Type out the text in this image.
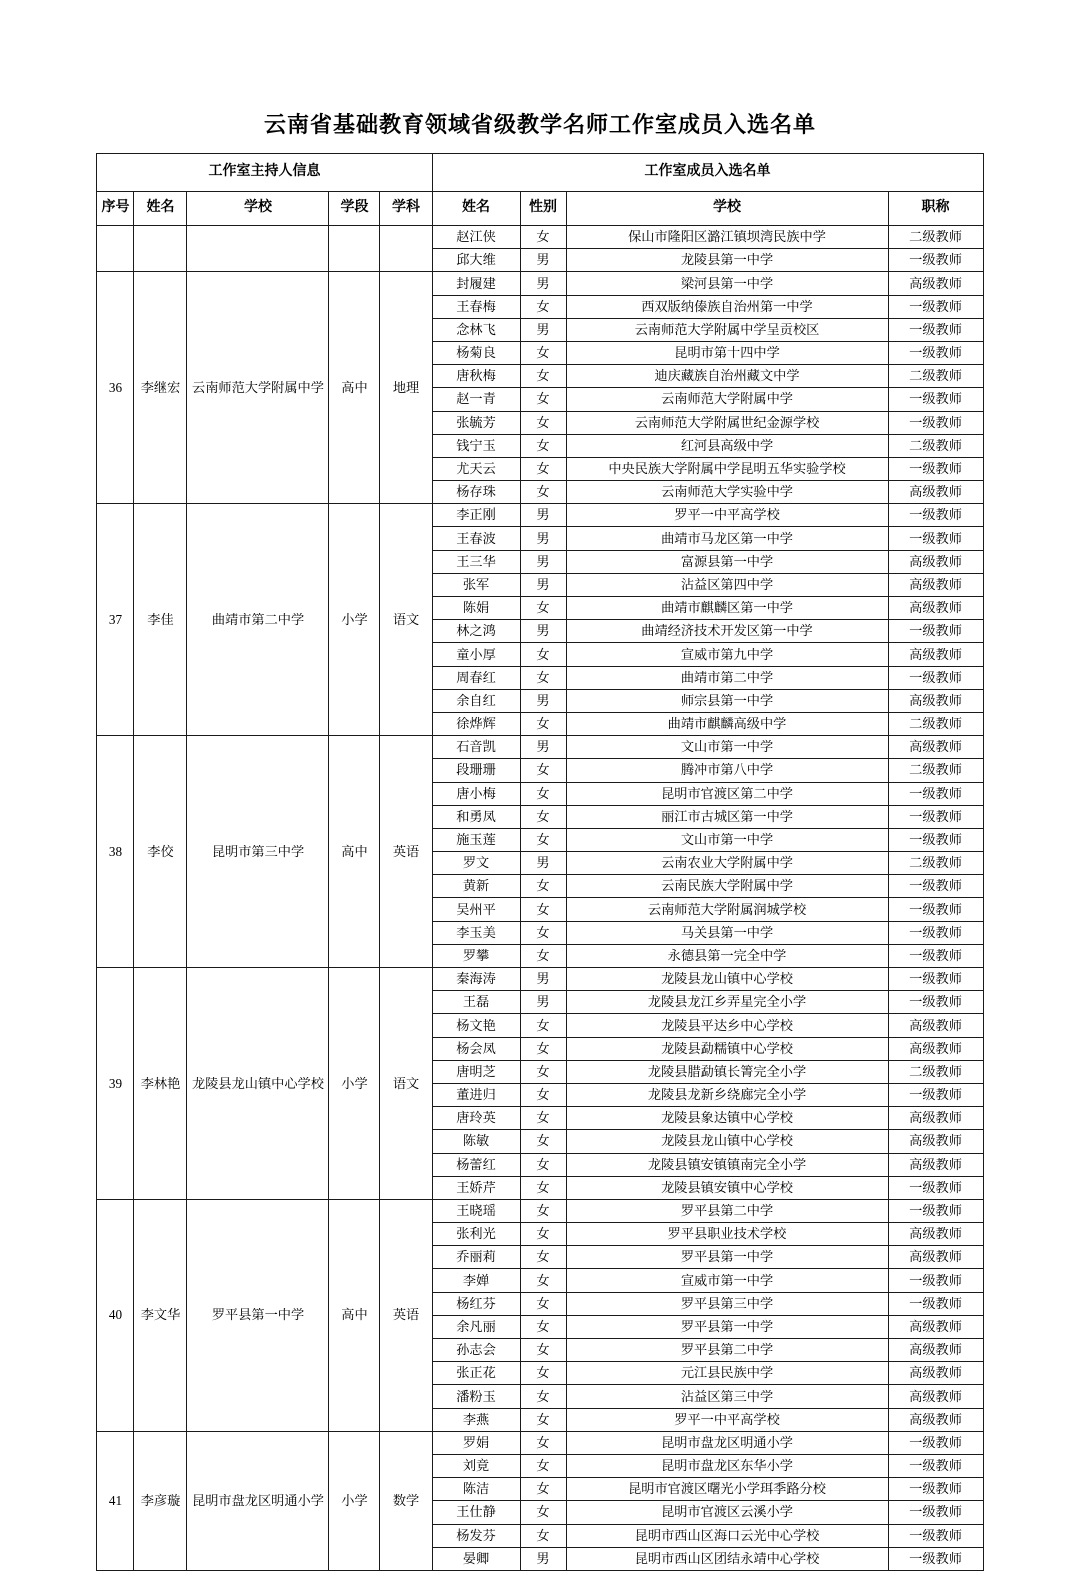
云南省基础教育领域省级教学名师工作室成员入选名单
工作室主持人信息					工作室成员入选名单			
序号	姓名	学校	学段	学科	姓名	性别	学校	职称
					赵江侠	女	保山市隆阳区潞江镇坝湾民族中学	二级教师
					邱大维	男	龙陵县第一中学	一级教师
36	李继宏	云南师范大学附属中学	高中	地理	封履建	男	梁河县第一中学	高级教师
					王春梅	女	西双版纳傣族自治州第一中学	一级教师
					念林飞	男	云南师范大学附属中学呈贡校区	一级教师
					杨菊良	女	昆明市第十四中学	一级教师
					唐秋梅	女	迪庆藏族自治州藏文中学	二级教师
					赵一青	女	云南师范大学附属中学	一级教师
					张毓芳	女	云南师范大学附属世纪金源学校	一级教师
					钱宁玉	女	红河县高级中学	二级教师
					尤天云	女	中央民族大学附属中学昆明五华实验学校	一级教师
					杨存珠	女	云南师范大学实验中学	高级教师
37	李佳	曲靖市第二中学	小学	语文	李正刚	男	罗平一中平高学校	一级教师
					王春波	男	曲靖市马龙区第一中学	一级教师
					王三华	男	富源县第一中学	高级教师
					张军	男	沾益区第四中学	高级教师
					陈娟	女	曲靖市麒麟区第一中学	高级教师
					林之鸿	男	曲靖经济技术开发区第一中学	一级教师
					童小厚	女	宣威市第九中学	高级教师
					周春红	女	曲靖市第二中学	一级教师
					余自红	男	师宗县第一中学	高级教师
					徐烨辉	女	曲靖市麒麟高级中学	二级教师
38	李佼	昆明市第三中学	高中	英语	石音凯	男	文山市第一中学	高级教师
					段珊珊	女	腾冲市第八中学	二级教师
					唐小梅	女	昆明市官渡区第二中学	一级教师
					和勇凤	女	丽江市古城区第一中学	一级教师
					施玉莲	女	文山市第一中学	一级教师
					罗文	男	云南农业大学附属中学	二级教师
					黄新	女	云南民族大学附属中学	一级教师
					吴州平	女	云南师范大学附属润城学校	一级教师
					李玉美	女	马关县第一中学	一级教师
					罗攀	女	永德县第一完全中学	一级教师
39	李林艳	龙陵县龙山镇中心学校	小学	语文	秦海涛	男	龙陵县龙山镇中心学校	一级教师
					王磊	男	龙陵县龙江乡弄星完全小学	一级教师
					杨文艳	女	龙陵县平达乡中心学校	高级教师
					杨会凤	女	龙陵县勐糯镇中心学校	高级教师
					唐明芝	女	龙陵县腊勐镇长箐完全小学	二级教师
					董进归	女	龙陵县龙新乡绕廊完全小学	一级教师
					唐玲英	女	龙陵县象达镇中心学校	高级教师
					陈敏	女	龙陵县龙山镇中心学校	高级教师
					杨蕾红	女	龙陵县镇安镇镇南完全小学	高级教师
					王娇芹	女	龙陵县镇安镇中心学校	一级教师
40	李文华	罗平县第一中学	高中	英语	王晓瑶	女	罗平县第二中学	一级教师
					张利光	女	罗平县职业技术学校	高级教师
					乔丽莉	女	罗平县第一中学	高级教师
					李婵	女	宣威市第一中学	一级教师
					杨红芬	女	罗平县第三中学	一级教师
					余凡丽	女	罗平县第一中学	高级教师
					孙志会	女	罗平县第二中学	高级教师
					张正花	女	元江县民族中学	高级教师
					潘粉玉	女	沾益区第三中学	高级教师
					李燕	女	罗平一中平高学校	高级教师
41	李彦璇	昆明市盘龙区明通小学	小学	数学	罗娟	女	昆明市盘龙区明通小学	一级教师
					刘竟	女	昆明市盘龙区东华小学	一级教师
					陈洁	女	昆明市官渡区曙光小学珥季路分校	一级教师
					王仕静	女	昆明市官渡区云溪小学	一级教师
					杨发芬	女	昆明市西山区海口云光中心学校	一级教师
					晏卿	男	昆明市西山区团结永靖中心学校	一级教师
